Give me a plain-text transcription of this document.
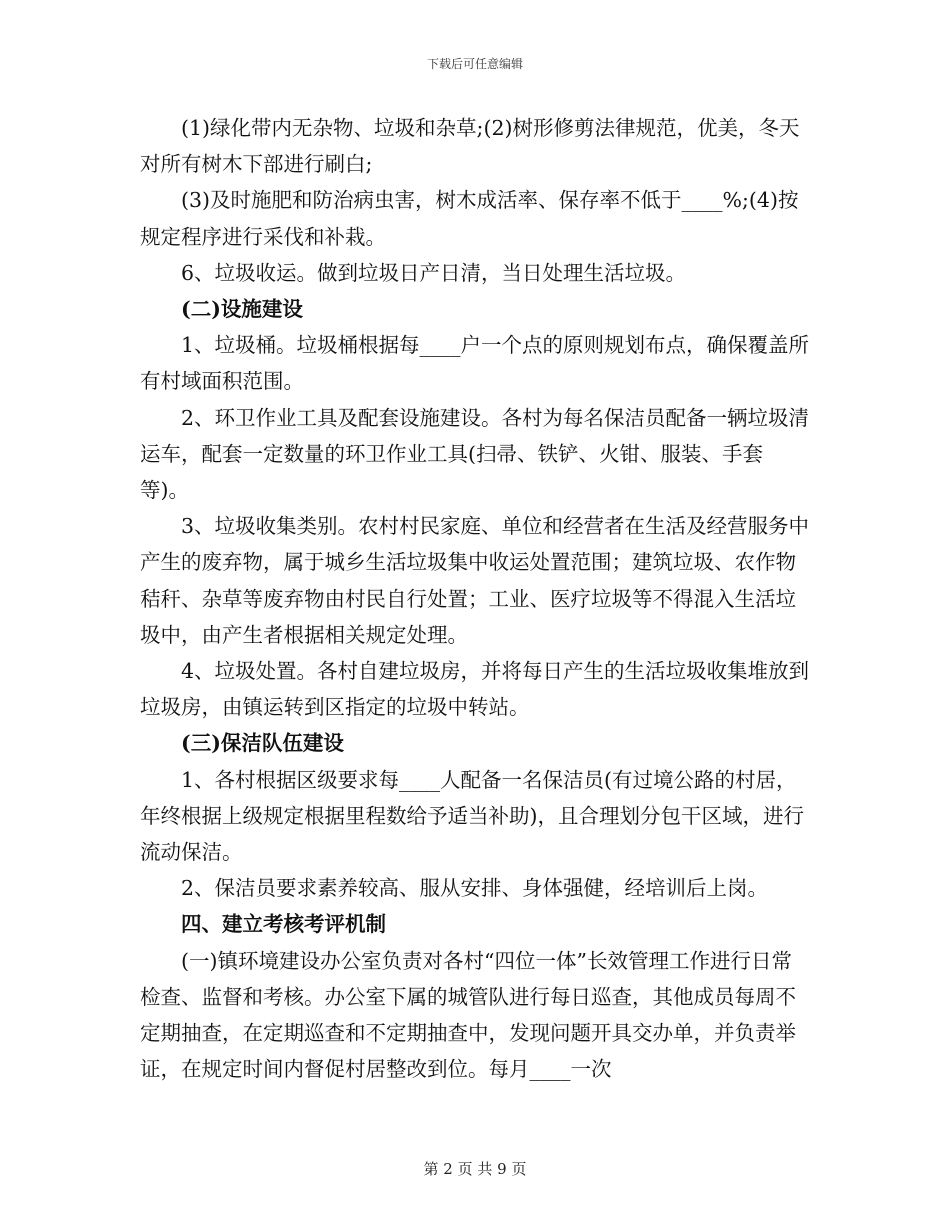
下载后可任意编辑

(1)绿化带内无杂物、垃圾和杂草;(2)树形修剪法律规范，优美，冬天对所有树木下部进行刷白;

(3)及时施肥和防治病虫害，树木成活率、保存率不低于____%;(4)按规定程序进行采伐和补栽。

6、垃圾收运。做到垃圾日产日清，当日处理生活垃圾。

(二)设施建设

1、垃圾桶。垃圾桶根据每____户一个点的原则规划布点，确保覆盖所有村域面积范围。

2、环卫作业工具及配套设施建设。各村为每名保洁员配备一辆垃圾清运车，配套一定数量的环卫作业工具(扫帚、铁铲、火钳、服装、手套等)。

3、垃圾收集类别。农村村民家庭、单位和经营者在生活及经营服务中产生的废弃物，属于城乡生活垃圾集中收运处置范围；建筑垃圾、农作物秸秆、杂草等废弃物由村民自行处置；工业、医疗垃圾等不得混入生活垃圾中，由产生者根据相关规定处理。

4、垃圾处置。各村自建垃圾房，并将每日产生的生活垃圾收集堆放到垃圾房，由镇运转到区指定的垃圾中转站。

(三)保洁队伍建设

1、各村根据区级要求每____人配备一名保洁员(有过境公路的村居，年终根据上级规定根据里程数给予适当补助)，且合理划分包干区域，进行流动保洁。

2、保洁员要求素养较高、服从安排、身体强健，经培训后上岗。

四、建立考核考评机制

(一)镇环境建设办公室负责对各村“四位一体”长效管理工作进行日常检查、监督和考核。办公室下属的城管队进行每日巡查，其他成员每周不定期抽查，在定期巡查和不定期抽查中，发现问题开具交办单，并负责举证，在规定时间内督促村居整改到位。每月____一次

第 2 页 共 9 页
